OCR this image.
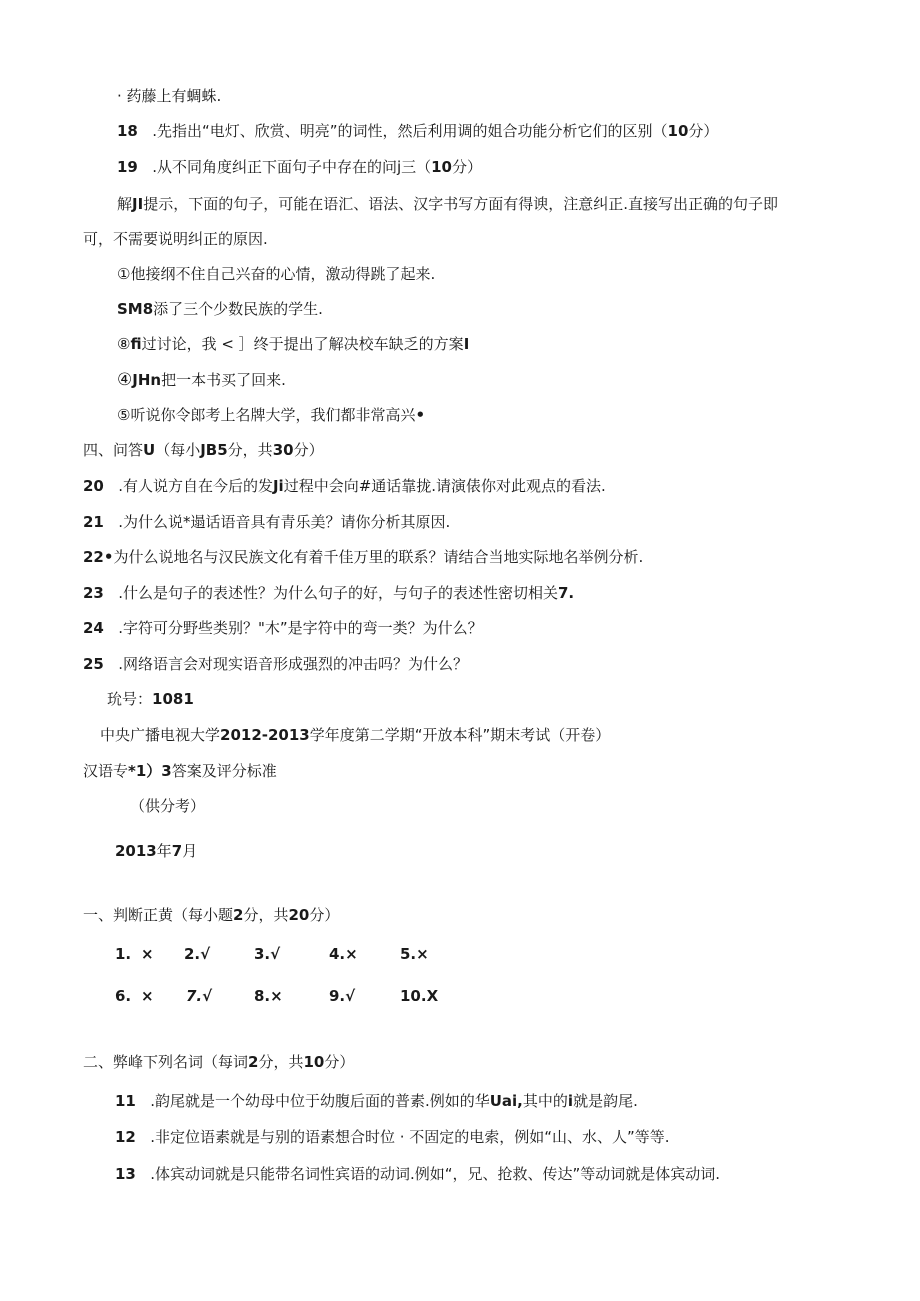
· 药藤上有蜩蛛.
18 .先指出“电灯、欣赏、明亮”的词性，然后利用调的姐合功能分析它们的区别（10分）
19 .从不同角度纠正下面句子中存在的问j三（10分）
解JI提示，下面的句子，可能在语汇、语法、汉字书写方面有得谀，注意纠正.直接写出正确的句子即
可，不需要说明纠正的原因.
①他接纲不住自己兴奋的心情，激动得跳了起来.
SM8添了三个少数民族的学生.
⑧fi过讨论，我 < ］终于提出了解决校车缺乏的方案I
④JHn把一本书买了回来.
⑤听说你令郎考上名牌大学，我们都非常高兴•
四、问答U（每小JB5分，共30分）
20 .有人说方自在今后的发Ji过程中会向#通话靠拢.请演俵你对此观点的看法.
21 .为什么说*遢话语音具有青乐美？请你分析其原因.
22•为什么说地名与汉民族文化有着千佳万里的联系？请结合当地实际地名举例分析.
23 .什么是句子的表述性？为什么句子的好，与句子的表述性密切相关7.
24 .字符可分野些类别？"木”是字符中的弯一类？为什么？
25 .网络语言会对现实语音形成强烈的冲击吗？为什么？
玧号：1081
中央广播电视大学2012-2013学年度第二学期“开放本科”期末考试（开卷）
汉语专*1）3答案及评分标准
（供分考）
2013年7月
一、判断正黄（每小题2分，共20分）
1. × 2.√	3.√	4.×	5.×
6. × 7.√	8.×	9.√	10.X
二、弊峰下列名词（每词2分，共10分）
11 .韵尾就是一个幼母中位于幼腹后面的普素.例如的华Uai,其中的i就是韵尾.
12 .非定位语素就是与别的语素想合时位 · 不固定的电索，例如“山、水、人”等等.
13 .体宾动词就是只能带名词性宾语的动词.例如“，兄、抢救、传达”等动词就是体宾动词.
